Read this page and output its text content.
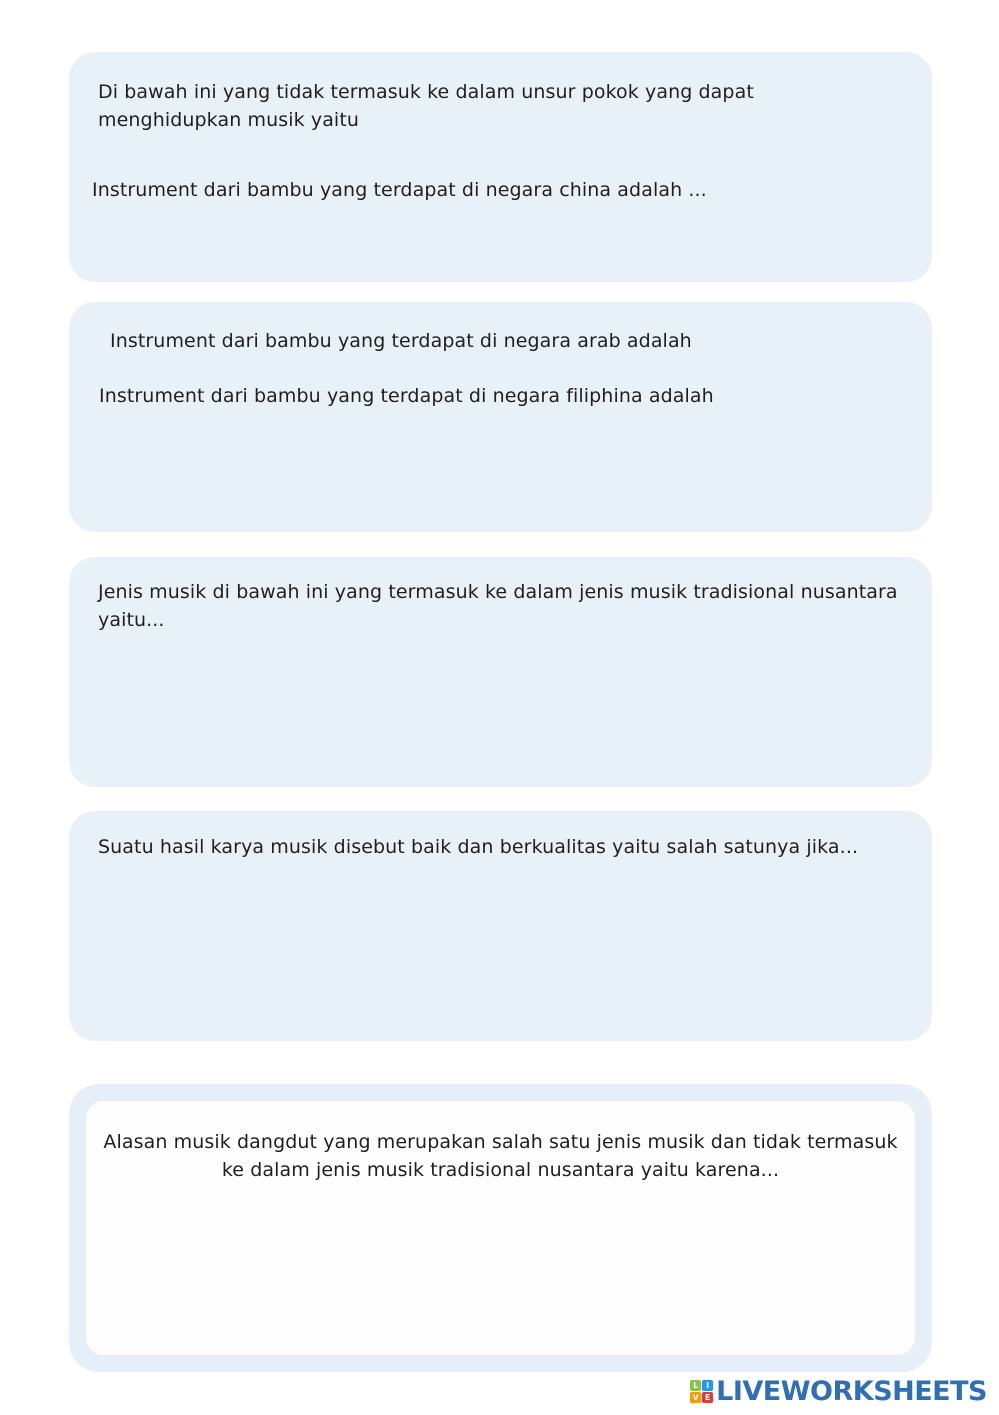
Di bawah ini yang tidak termasuk ke dalam unsur pokok yang dapat menghidupkan musik yaitu

Instrument dari bambu yang terdapat di negara china adalah ...

Instrument dari bambu yang terdapat di negara arab adalah

Instrument dari bambu yang terdapat di negara filiphina adalah

Jenis musik di bawah ini yang termasuk ke dalam jenis musik tradisional nusantara yaitu...

Suatu hasil karya musik disebut baik dan berkualitas yaitu salah satunya jika...

Alasan musik dangdut yang merupakan salah satu jenis musik dan tidak termasuk ke dalam jenis musik tradisional nusantara yaitu karena...

L I
V E LIVEWORKSHEETS
